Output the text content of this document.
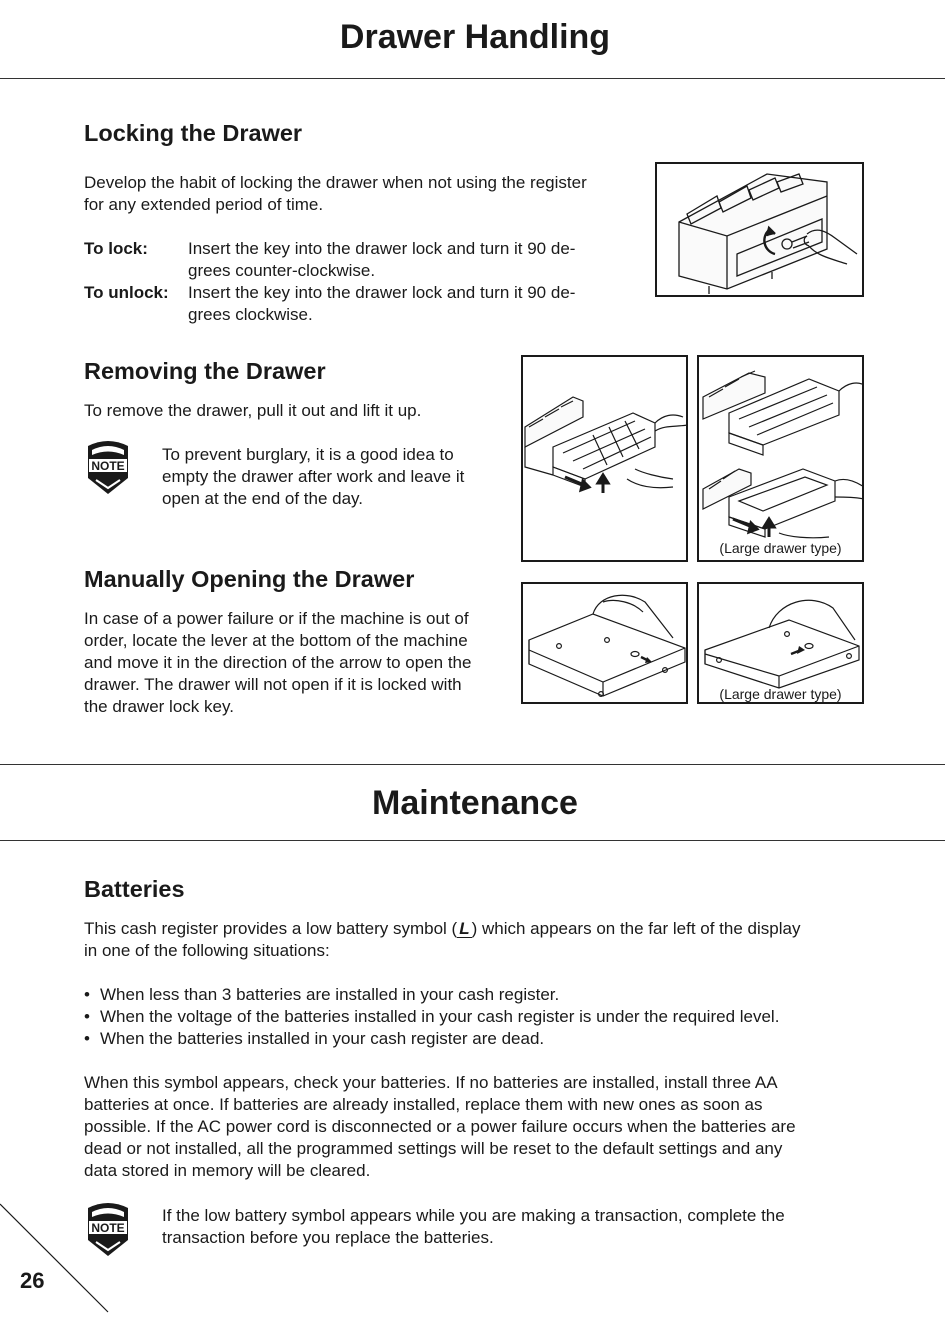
Drawer Handling
Locking the Drawer

Develop the habit of locking the drawer when not using the register
for any extended period of time.

To lock: Insert the key into the drawer lock and turn it 90 de-
grees counter-clockwise.
To unlock: Insert the key into the drawer lock and turn it 90 de-
grees clockwise.
Removing the Drawer

To remove the drawer, pull it out and lift it up.

NOTE

To prevent burglary, it is a good idea to
empty the drawer after work and leave it
open at the end of the day.

(Large drawer type)
Manually Opening the Drawer

In case of a power failure or if the machine is out of
order, locate the lever at the bottom of the machine
and move it in the direction of the arrow to open the
drawer. The drawer will not open if it is locked with
the drawer lock key.

(Large drawer type)
Maintenance
Batteries

This cash register provides a low battery symbol ( L ) which appears on the far left of the display
in one of the following situations:

• When less than 3 batteries are installed in your cash register.
• When the voltage of the batteries installed in your cash register is under the required level.
• When the batteries installed in your cash register are dead.

When this symbol appears, check your batteries. If no batteries are installed, install three AA
batteries at once. If batteries are already installed, replace them with new ones as soon as
possible. If the AC power cord is disconnected or a power failure occurs when the batteries are
dead or not installed, all the programmed settings will be reset to the default settings and any
data stored in memory will be cleared.

NOTE

If the low battery symbol appears while you are making a transaction, complete the
transaction before you replace the batteries.

26
